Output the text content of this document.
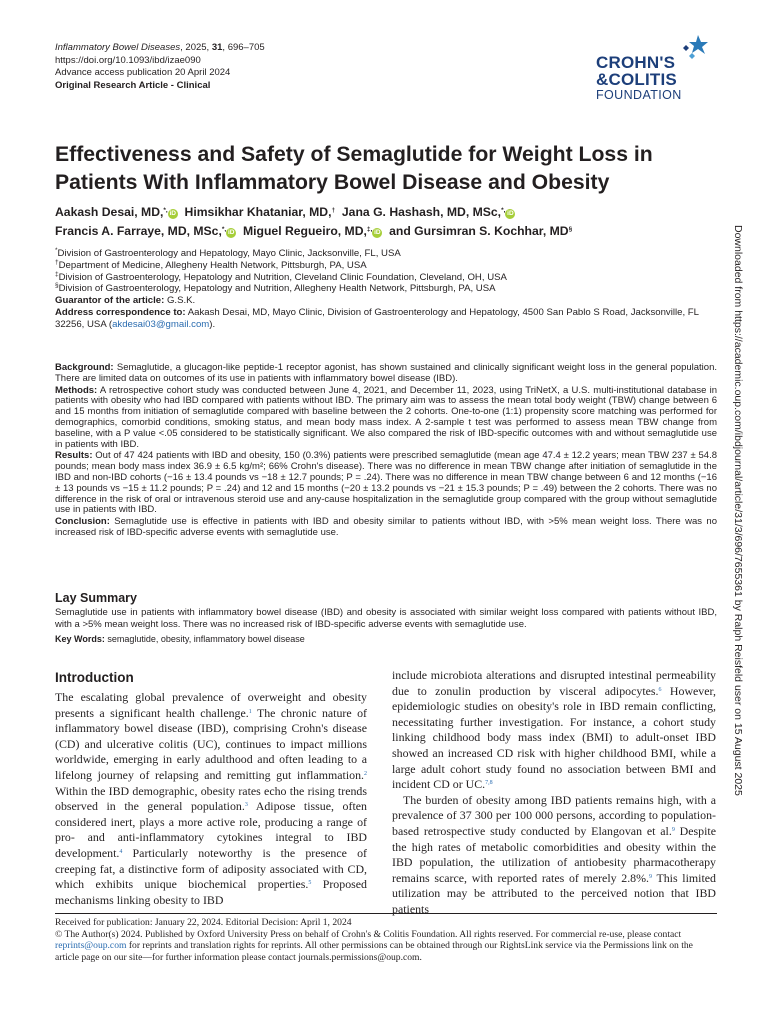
Inflammatory Bowel Diseases, 2025, 31, 696–705
https://doi.org/10.1093/ibd/izae090
Advance access publication 20 April 2024
Original Research Article - Clinical
CROHN'S
&COLITIS
FOUNDATION
Effectiveness and Safety of Semaglutide for Weight Loss in Patients With Inflammatory Bowel Disease and Obesity
Aakash Desai, MD,*, iD Himsikhar Khataniar, MD,† Jana G. Hashash, MD, MSc,*, iD
Francis A. Farraye, MD, MSc,*, iD Miguel Regueiro, MD,‡, iD and Gursimran S. Kochhar, MD§
*Division of Gastroenterology and Hepatology, Mayo Clinic, Jacksonville, FL, USA
†Department of Medicine, Allegheny Health Network, Pittsburgh, PA, USA
‡Division of Gastroenterology, Hepatology and Nutrition, Cleveland Clinic Foundation, Cleveland, OH, USA
§Division of Gastroenterology, Hepatology and Nutrition, Allegheny Health Network, Pittsburgh, PA, USA
Guarantor of the article: G.S.K.
Address correspondence to: Aakash Desai, MD, Mayo Clinic, Division of Gastroenterology and Hepatology, 4500 San Pablo S Road, Jacksonville, FL 32256, USA (akdesai03@gmail.com).

Background: Semaglutide, a glucagon-like peptide-1 receptor agonist, has shown sustained and clinically significant weight loss in the general population. There are limited data on outcomes of its use in patients with inflammatory bowel disease (IBD).

Methods: A retrospective cohort study was conducted between June 4, 2021, and December 11, 2023, using TriNetX, a U.S. multi-institutional database in patients with obesity who had IBD compared with patients without IBD. The primary aim was to assess the mean total body weight (TBW) change between 6 and 15 months from initiation of semaglutide compared with baseline between the 2 cohorts. One-to-one (1:1) propensity score matching was performed for demographics, comorbid conditions, smoking status, and mean body mass index. A 2-sample t test was performed to assess mean TBW change from baseline, with a P value <.05 considered to be statistically significant. We also compared the risk of IBD-specific outcomes with and without semaglutide use in patients with IBD.

Results: Out of 47 424 patients with IBD and obesity, 150 (0.3%) patients were prescribed semaglutide (mean age 47.4 ± 12.2 years; mean TBW 237 ± 54.8 pounds; mean body mass index 36.9 ± 6.5 kg/m²; 66% Crohn's disease). There was no difference in mean TBW change after initiation of semaglutide in the IBD and non-IBD cohorts (−16 ± 13.4 pounds vs −18 ± 12.7 pounds; P = .24). There was no difference in mean TBW change between 6 and 12 months (−16 ± 13 pounds vs −15 ± 11.2 pounds; P = .24) and 12 and 15 months (−20 ± 13.2 pounds vs −21 ± 15.3 pounds; P = .49) between the 2 cohorts. There was no difference in the risk of oral or intravenous steroid use and any-cause hospitalization in the semaglutide group compared with the group without semaglutide use in patients with IBD.

Conclusion: Semaglutide use is effective in patients with IBD and obesity similar to patients without IBD, with >5% mean weight loss. There was no increased risk of IBD-specific adverse events with semaglutide use.

Lay Summary
Semaglutide use in patients with inflammatory bowel disease (IBD) and obesity is associated with similar weight loss compared with patients without IBD, with a >5% mean weight loss. There was no increased risk of IBD-specific adverse events with semaglutide use.
Key Words: semaglutide, obesity, inflammatory bowel disease
Introduction

The escalating global prevalence of overweight and obesity presents a significant health challenge.$^1$ The chronic nature of inflammatory bowel disease (IBD), comprising Crohn's disease (CD) and ulcerative colitis (UC), continues to impact millions worldwide, emerging in early adulthood and often leading to a lifelong journey of relapsing and remitting gut inflammation.$^2$ Within the IBD demographic, obesity rates echo the rising trends observed in the general population.$^3$ Adipose tissue, often considered inert, plays a more active role, producing a range of pro- and anti-inflammatory cytokines integral to IBD development.$^4$ Particularly noteworthy is the presence of creeping fat, a distinctive form of adiposity associated with CD, which exhibits unique biochemical properties.$^5$ Proposed mechanisms linking obesity to IBD

include microbiota alterations and disrupted intestinal permeability due to zonulin production by visceral adipocytes.$^6$ However, epidemiologic studies on obesity's role in IBD remain conflicting, necessitating further investigation. For instance, a cohort study linking childhood body mass index (BMI) to adult-onset IBD showed an increased CD risk with higher childhood BMI, while a large adult cohort study found no association between BMI and incident CD or UC.$^{7,8}$

The burden of obesity among IBD patients remains high, with a prevalence of 37 300 per 100 000 persons, according to population-based retrospective study conducted by Elangovan et al.$^9$ Despite the high rates of metabolic comorbidities and obesity within the IBD population, the utilization of antiobesity pharmacotherapy remains scarce, with reported rates of merely 2.8%.$^9$ This limited utilization may be attributed to the perceived notion that IBD patients

Received for publication: January 22, 2024. Editorial Decision: April 1, 2024
© The Author(s) 2024. Published by Oxford University Press on behalf of Crohn's & Colitis Foundation. All rights reserved. For commercial re-use, please contact reprints@oup.com for reprints and translation rights for reprints. All other permissions can be obtained through our RightsLink service via the Permissions link on the article page on our site—for further information please contact journals.permissions@oup.com.
Downloaded from https://academic.oup.com/ibdjournal/article/31/3/696/7655361 by Ralph Reisfeld user on 15 August 2025
